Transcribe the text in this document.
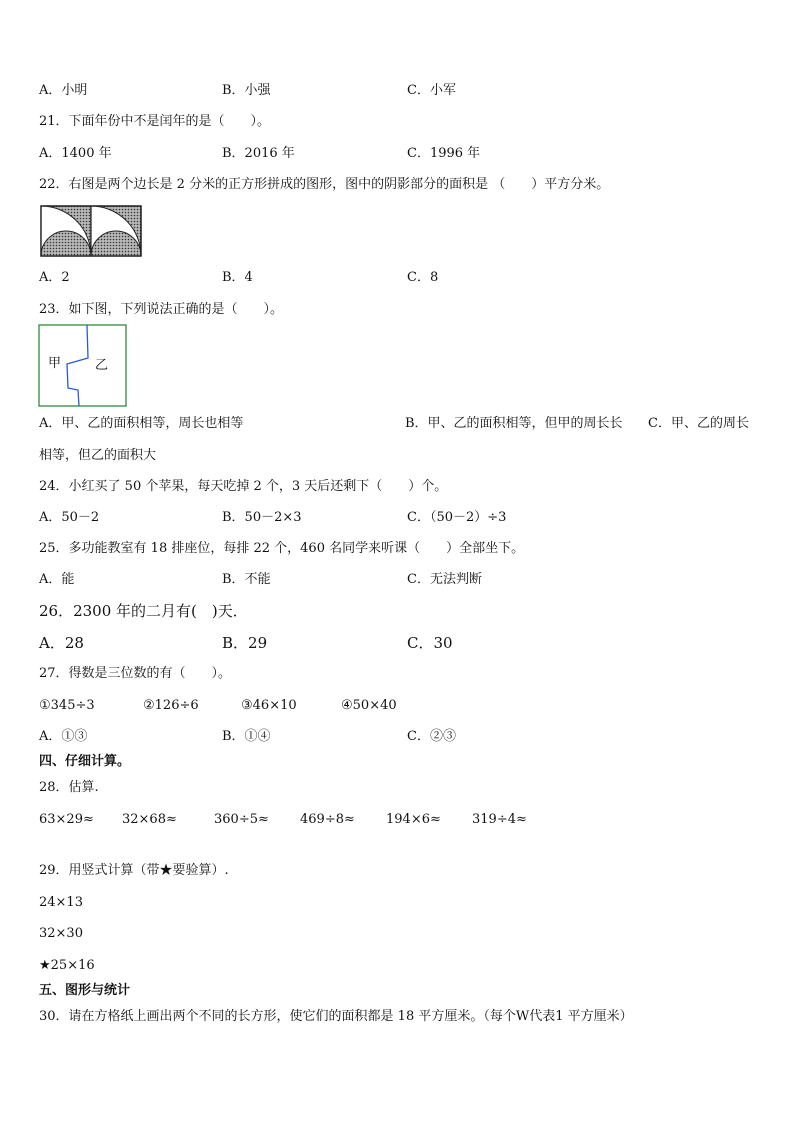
A．小明	B．小强	C．小军
21．下面年份中不是闰年的是（　　）。
A．1400 年	B．2016 年	C．1996 年
22．右图是两个边长是 2 分米的正方形拼成的图形，图中的阴影部分的面积是 （　　）平方分米。
A．2	B．4	C．8
23．如下图，下列说法正确的是（　　）。
甲	乙
A．甲、乙的面积相等，周长也相等	B．甲、乙的面积相等，但甲的周长长 C．甲、乙的周长
相等，但乙的面积大
24．小红买了 50 个苹果，每天吃掉 2 个，3 天后还剩下（　　）个。
A．50－2	B．50－2×3	C．（50－2）÷3
25．多功能教室有 18 排座位，每排 22 个，460 名同学来听课（　　）全部坐下。
A．能	B．不能	C．无法判断
26．2300 年的二月有(　)天．
A．28	B．29	C．30
27．得数是三位数的有（　　）。
①345÷3	②126÷6	③46×10	④50×40
A．①③	B．①④	C．②③
四、仔细计算。
28．估算.
63×29≈ 32×68≈	360÷5≈ 469÷8≈ 194×6≈ 319÷4≈
29．用竖式计算（带★要验算）.
24×13
32×30
★25×16
五、图形与统计
30．请在方格纸上画出两个不同的长方形，使它们的面积都是 18 平方厘米。（每个W代表1 平方厘米）
